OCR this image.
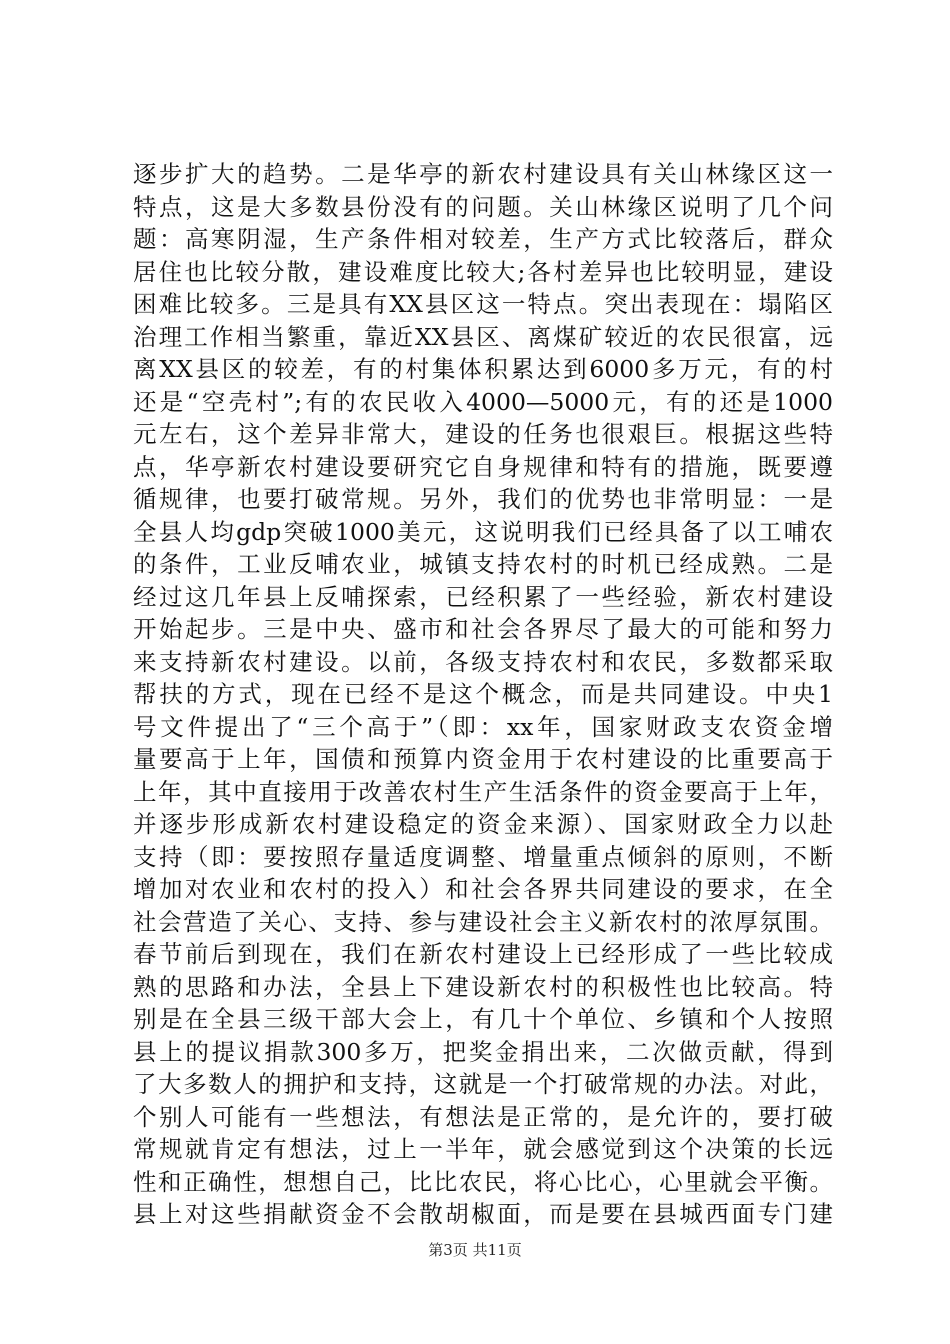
逐步扩大的趋势。二是华亭的新农村建设具有关山林缘区这一
特点，这是大多数县份没有的问题。关山林缘区说明了几个问
题：高寒阴湿，生产条件相对较差，生产方式比较落后，群众
居住也比较分散，建设难度比较大;各村差异也比较明显，建设
困难比较多。三是具有XX县区这一特点。突出表现在：塌陷区
治理工作相当繁重，靠近XX县区、离煤矿较近的农民很富，远
离XX县区的较差，有的村集体积累达到6000多万元，有的村
还是“空壳村”;有的农民收入4000—5000元，有的还是1000
元左右，这个差异非常大，建设的任务也很艰巨。根据这些特
点，华亭新农村建设要研究它自身规律和特有的措施，既要遵
循规律，也要打破常规。另外，我们的优势也非常明显：一是
全县人均gdp突破1000美元，这说明我们已经具备了以工哺农
的条件，工业反哺农业，城镇支持农村的时机已经成熟。二是
经过这几年县上反哺探索，已经积累了一些经验，新农村建设
开始起步。三是中央、盛市和社会各界尽了最大的可能和努力
来支持新农村建设。以前，各级支持农村和农民，多数都采取
帮扶的方式，现在已经不是这个概念，而是共同建设。中央1
号文件提出了“三个高于”（即：xx年，国家财政支农资金增
量要高于上年，国债和预算内资金用于农村建设的比重要高于
上年，其中直接用于改善农村生产生活条件的资金要高于上年，
并逐步形成新农村建设稳定的资金来源）、国家财政全力以赴
支持（即：要按照存量适度调整、增量重点倾斜的原则，不断
增加对农业和农村的投入）和社会各界共同建设的要求，在全
社会营造了关心、支持、参与建设社会主义新农村的浓厚氛围。
春节前后到现在，我们在新农村建设上已经形成了一些比较成
熟的思路和办法，全县上下建设新农村的积极性也比较高。特
别是在全县三级干部大会上，有几十个单位、乡镇和个人按照
县上的提议捐款300多万，把奖金捐出来，二次做贡献，得到
了大多数人的拥护和支持，这就是一个打破常规的办法。对此，
个别人可能有一些想法，有想法是正常的，是允许的，要打破
常规就肯定有想法，过上一半年，就会感觉到这个决策的长远
性和正确性，想想自己，比比农民，将心比心，心里就会平衡。
县上对这些捐献资金不会散胡椒面，而是要在县城西面专门建
第3页 共11页
